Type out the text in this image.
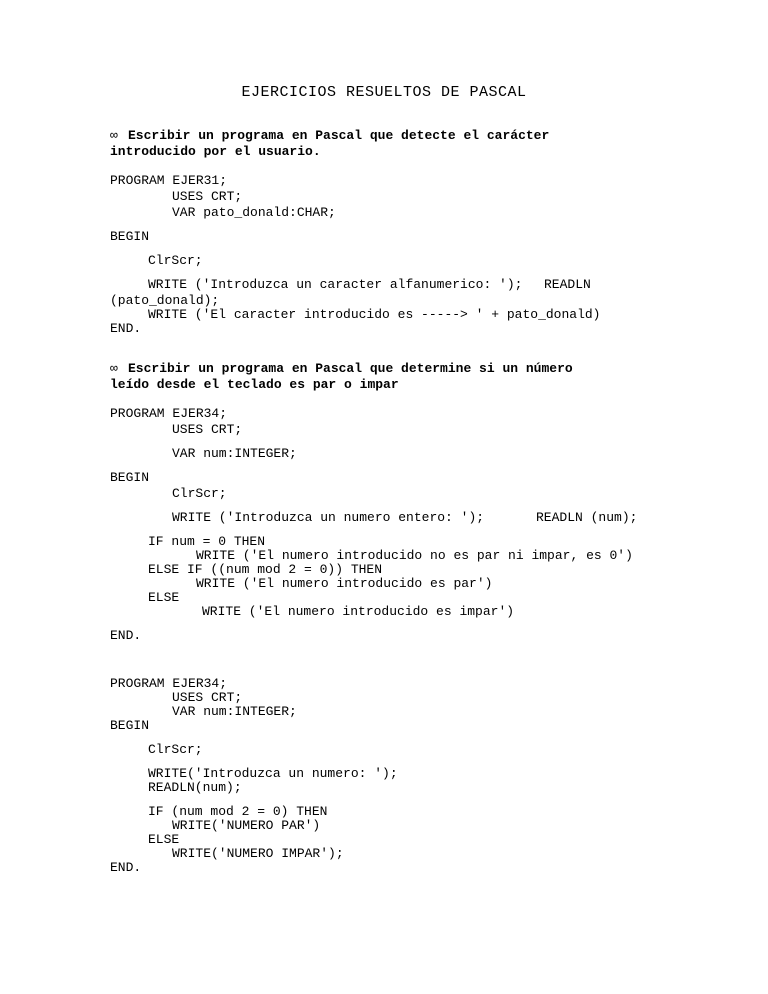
EJERCICIOS RESUELTOS DE PASCAL
∞ Escribir un programa en Pascal que detecte el carácter
introducido por el usuario.
PROGRAM EJER31;
USES CRT;
VAR pato_donald:CHAR;
BEGIN
ClrScr;
WRITE ('Introduzca un caracter alfanumerico: '); READLN
(pato_donald);
WRITE ('El caracter introducido es -----> ' + pato_donald)
END.
∞ Escribir un programa en Pascal que determine si un número
leído desde el teclado es par o impar
PROGRAM EJER34;
USES CRT;
VAR num:INTEGER;
BEGIN
ClrScr;
WRITE ('Introduzca un numero entero: ');	READLN (num);
IF num = 0 THEN
WRITE ('El numero introducido no es par ni impar, es 0')
ELSE IF ((num mod 2 = 0)) THEN
WRITE ('El numero introducido es par')
ELSE
WRITE ('El numero introducido es impar')
END.
PROGRAM EJER34;
USES CRT;
VAR num:INTEGER;
BEGIN
ClrScr;
WRITE('Introduzca un numero: ');
READLN(num);
IF (num mod 2 = 0) THEN
WRITE('NUMERO PAR')
ELSE
WRITE('NUMERO IMPAR');
END.
